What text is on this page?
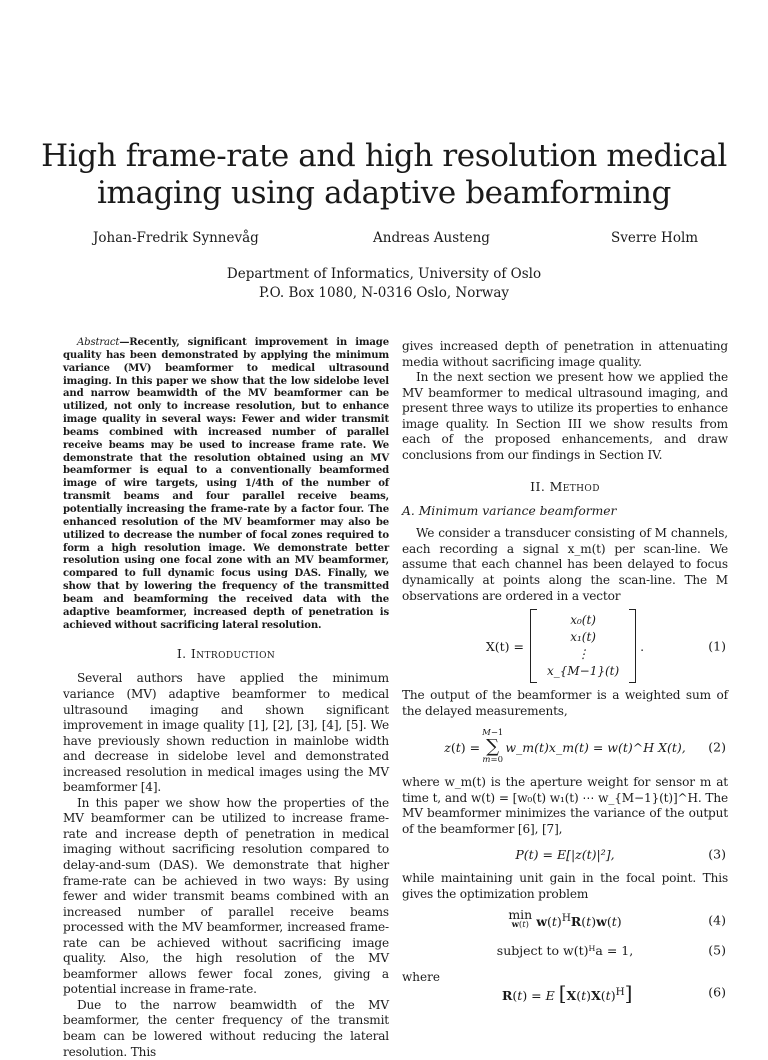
High frame-rate and high resolution medical
imaging using adaptive beamforming
Johan-Fredrik Synnevåg	Andreas Austeng	Sverre Holm
Department of Informatics, University of Oslo
P.O. Box 1080, N-0316 Oslo, Norway

Abstract—Recently, significant improvement in image quality has been demonstrated by applying the minimum variance (MV) beamformer to medical ultrasound imaging. In this paper we show that the low sidelobe level and narrow beamwidth of the MV beamformer can be utilized, not only to increase resolution, but to enhance image quality in several ways: Fewer and wider transmit beams combined with increased number of parallel receive beams may be used to increase frame rate. We demonstrate that the resolution obtained using an MV beamformer is equal to a conventionally beamformed image of wire targets, using 1/4th of the number of transmit beams and four parallel receive beams, potentially increasing the frame-rate by a factor four. The enhanced resolution of the MV beamformer may also be utilized to decrease the number of focal zones required to form a high resolution image. We demonstrate better resolution using one focal zone with an MV beamformer, compared to full dynamic focus using DAS. Finally, we show that by lowering the frequency of the transmitted beam and beamforming the received data with the adaptive beamformer, increased depth of penetration is achieved without sacrificing lateral resolution.

I. Introduction

Several authors have applied the minimum variance (MV) adaptive beamformer to medical ultrasound imaging and shown significant improvement in image quality [1], [2], [3], [4], [5]. We have previously shown reduction in mainlobe width and decrease in sidelobe level and demonstrated increased resolution in medical images using the MV beamformer [4].

In this paper we show how the properties of the MV beamformer can be utilized to increase frame-rate and increase depth of penetration in medical imaging without sacrificing resolution compared to delay-and-sum (DAS). We demonstrate that higher frame-rate can be achieved in two ways: By using fewer and wider transmit beams combined with an increased number of parallel receive beams processed with the MV beamformer, increased frame-rate can be achieved without sacrificing image quality. Also, the high resolution of the MV beamformer allows fewer focal zones, giving a potential increase in frame-rate.

Due to the narrow beamwidth of the MV beamformer, the center frequency of the transmit beam can be lowered without reducing the lateral resolution. This

gives increased depth of penetration in attenuating media without sacrificing image quality.

In the next section we present how we applied the MV beamformer to medical ultrasound imaging, and present three ways to utilize its properties to enhance image quality. In Section III we show results from each of the proposed enhancements, and draw conclusions from our findings in Section IV.

II. Method
A. Minimum variance beamformer

We consider a transducer consisting of M channels, each recording a signal x_m(t) per scan-line. We assume that each channel has been delayed to focus dynamically at points along the scan-line. The M observations are ordered in a vector

X(t) =
x₀(t)
x₁(t)
⋮
x_{M−1}(t)
.	(1)

The output of the beamformer is a weighted sum of the delayed measurements,

z(t) =
M−1
∑
m=0
w_m(t)x_m(t) = w(t)^H X(t), (2)

where w_m(t) is the aperture weight for sensor m at time t, and w(t) = [w₀(t) w₁(t) ⋯ w_{M−1}(t)]^H. The MV beamformer minimizes the variance of the output of the beamformer [6], [7],

P(t) = E[|z(t)|²],	(3)

while maintaining unit gain in the focal point. This gives the optimization problem

min
w(t) $w(t)^HR(t)w(t)$	(4)
subject to w(t)ᴴa = 1,	(5)
where
R(t) = E $[X(t)X(t)^H]$	(6)
